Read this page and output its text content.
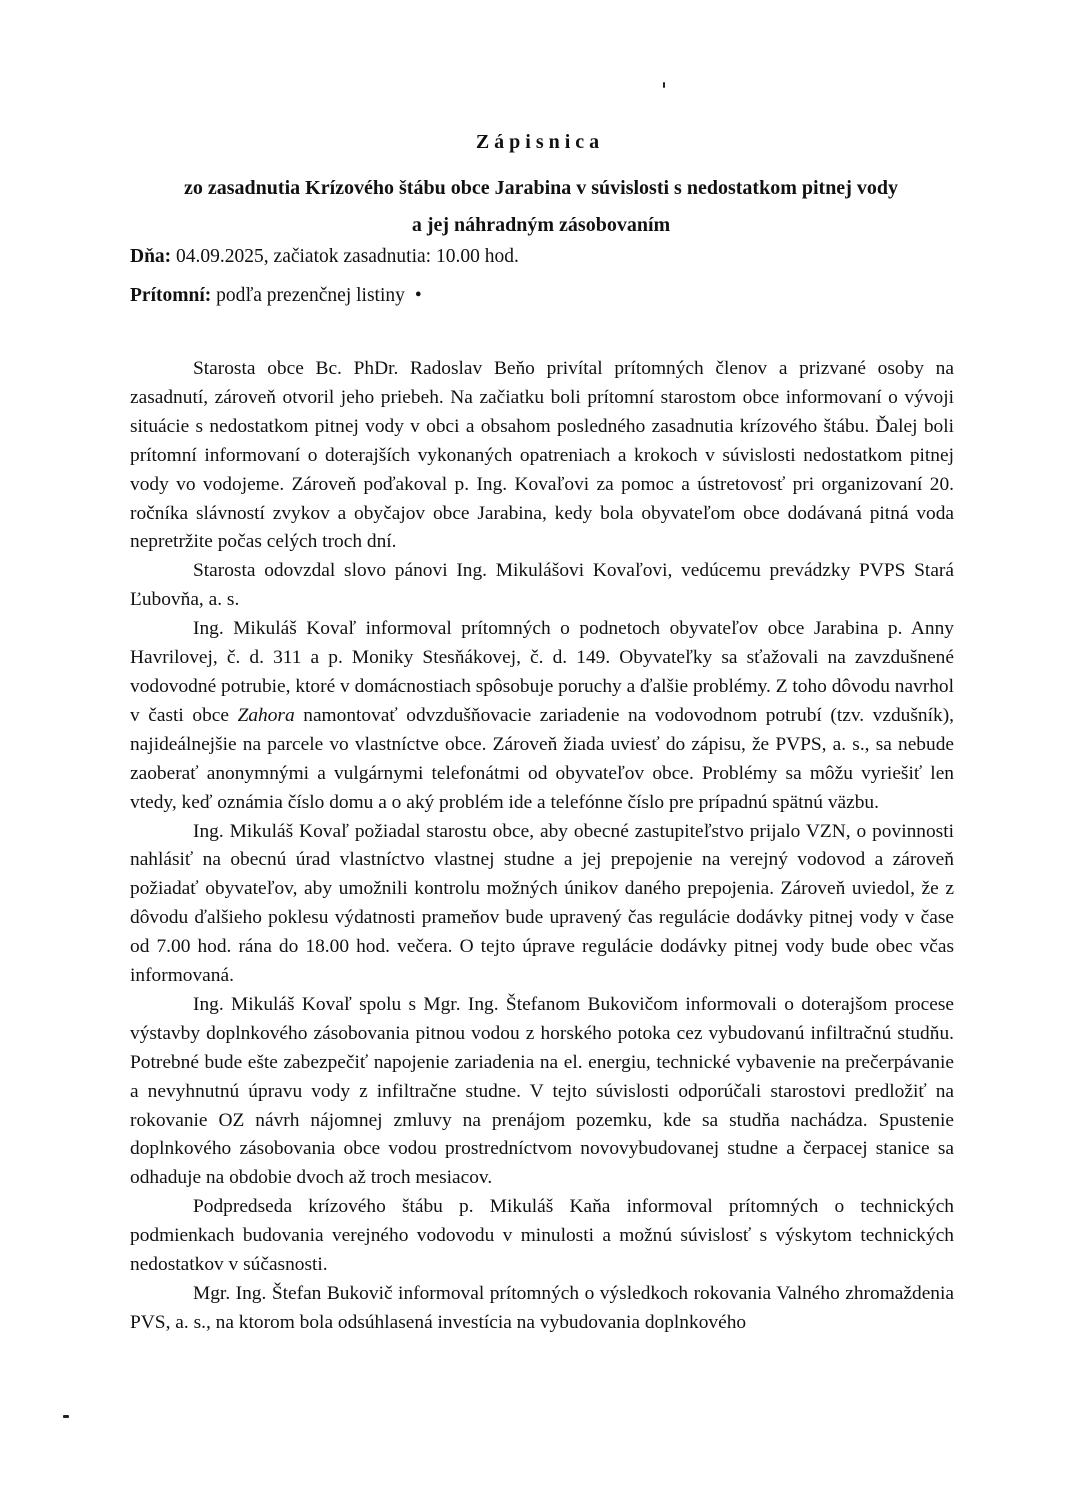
Zápisnica
zo zasadnutia Krízového štábu obce Jarabina v súvislosti s nedostatkom pitnej vody
a jej náhradným zásobovaním

Dňa: 04.09.2025, začiatok zasadnutia: 10.00 hod.

Prítomní: podľa prezenčnej listiny •

Starosta obce Bc. PhDr. Radoslav Beňo privítal prítomných členov a prizvané osoby na zasadnutí, zároveň otvoril jeho priebeh. Na začiatku boli prítomní starostom obce informovaní o vývoji situácie s nedostatkom pitnej vody v obci a obsahom posledného zasadnutia krízového štábu. Ďalej boli prítomní informovaní o doterajších vykonaných opatreniach a krokoch v súvislosti nedostatkom pitnej vody vo vodojeme. Zároveň poďakoval p. Ing. Kovaľovi za pomoc a ústretovosť pri organizovaní 20. ročníka slávností zvykov a obyčajov obce Jarabina, kedy bola obyvateľom obce dodávaná pitná voda nepretržite počas celých troch dní.

Starosta odovzdal slovo pánovi Ing. Mikulášovi Kovaľovi, vedúcemu prevádzky PVPS Stará Ľubovňa, a. s.

Ing. Mikuláš Kovaľ informoval prítomných o podnetoch obyvateľov obce Jarabina p. Anny Havrilovej, č. d. 311 a p. Moniky Stesňákovej, č. d. 149. Obyvateľky sa sťažovali na zavzdušnené vodovodné potrubie, ktoré v domácnostiach spôsobuje poruchy a ďalšie problémy. Z toho dôvodu navrhol v časti obce Zahora namontovať odvzdušňovacie zariadenie na vodovodnom potrubí (tzv. vzdušník), najideálnejšie na parcele vo vlastníctve obce. Zároveň žiada uviesť do zápisu, že PVPS, a. s., sa nebude zaoberať anonymnými a vulgárnymi telefonátmi od obyvateľov obce. Problémy sa môžu vyriešiť len vtedy, keď oznámia číslo domu a o aký problém ide a telefónne číslo pre prípadnú spätnú väzbu.

Ing. Mikuláš Kovaľ požiadal starostu obce, aby obecné zastupiteľstvo prijalo VZN, o povinnosti nahlásiť na obecnú úrad vlastníctvo vlastnej studne a jej prepojenie na verejný vodovod a zároveň požiadať obyvateľov, aby umožnili kontrolu možných únikov daného prepojenia. Zároveň uviedol, že z dôvodu ďalšieho poklesu výdatnosti prameňov bude upravený čas regulácie dodávky pitnej vody v čase od 7.00 hod. rána do 18.00 hod. večera. O tejto úprave regulácie dodávky pitnej vody bude obec včas informovaná.

Ing. Mikuláš Kovaľ spolu s Mgr. Ing. Štefanom Bukovičom informovali o doterajšom procese výstavby doplnkového zásobovania pitnou vodou z horského potoka cez vybudovanú infiltračnú studňu. Potrebné bude ešte zabezpečiť napojenie zariadenia na el. energiu, technické vybavenie na prečerpávanie a nevyhnutnú úpravu vody z infiltračne studne. V tejto súvislosti odporúčali starostovi predložiť na rokovanie OZ návrh nájomnej zmluvy na prenájom pozemku, kde sa studňa nachádza. Spustenie doplnkového zásobovania obce vodou prostredníctvom novovybudovanej studne a čerpacej stanice sa odhaduje na obdobie dvoch až troch mesiacov.

Podpredseda krízového štábu p. Mikuláš Kaňa informoval prítomných o technických podmienkach budovania verejného vodovodu v minulosti a možnú súvislosť s výskytom technických nedostatkov v súčasnosti.

Mgr. Ing. Štefan Bukovič informoval prítomných o výsledkoch rokovania Valného zhromaždenia PVS, a. s., na ktorom bola odsúhlasená investícia na vybudovania doplnkového
